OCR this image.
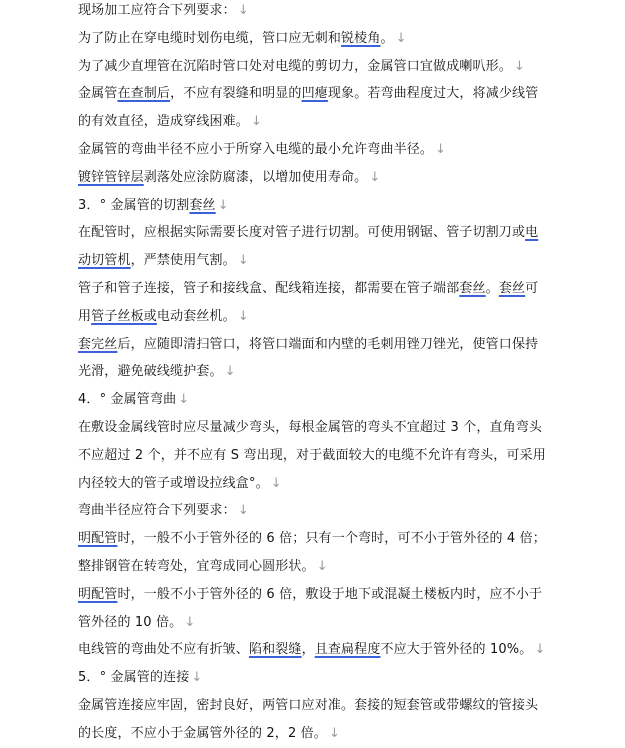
现场加工应符合下列要求： ↓
为了防止在穿电缆时划伤电缆，管口应无刺和锐棱角。 ↓
为了减少直埋管在沉陷时管口处对电缆的剪切力，金属管口宜做成喇叭形。 ↓
金属管在查制后，不应有裂缝和明显的凹瘪现象。若弯曲程度过大，将减少线管
的有效直径，造成穿线困难。 ↓
金属管的弯曲半径不应小于所穿入电缆的最小允许弯曲半径。 ↓
镀锌管锌层剥落处应涂防腐漆，以增加使用寿命。 ↓
3．° 金属管的切割套丝 ↓
在配管时，应根据实际需要长度对管子进行切割。可使用钢锯、管子切割刀或电
动切管机，严禁使用气割。 ↓
管子和管子连接，管子和接线盒、配线箱连接，都需要在管子端部套丝。套丝可
用管子丝板或电动套丝机。 ↓
套完丝后，应随即清扫管口，将管口端面和内壁的毛刺用锉刀锉光，使管口保持
光滑，避免破线缆护套。 ↓
4．° 金属管弯曲 ↓
在敷设金属线管时应尽量减少弯头，每根金属管的弯头不宜超过 3 个，直角弯头
不应超过 2 个，并不应有 S 弯出现，对于截面较大的电缆不允许有弯头，可采用
内径较大的管子或增设拉线盒°。 ↓
弯曲半径应符合下列要求： ↓
明配管时，一般不小于管外径的 6 倍；只有一个弯时，可不小于管外径的 4 倍；
整排钢管在转弯处，宜弯成同心圆形状。 ↓
明配管时，一般不小于管外径的 6 倍，敷设于地下或混凝土楼板内时，应不小于
管外径的 10 倍。 ↓
电线管的弯曲处不应有折皱、陷和裂缝，且查扁程度不应大于管外径的 10%。 ↓
5．° 金属管的连接 ↓
金属管连接应牢固，密封良好，两管口应对准。套接的短套管或带螺纹的管接头
的长度，不应小于金属管外径的 2，2 倍。 ↓
